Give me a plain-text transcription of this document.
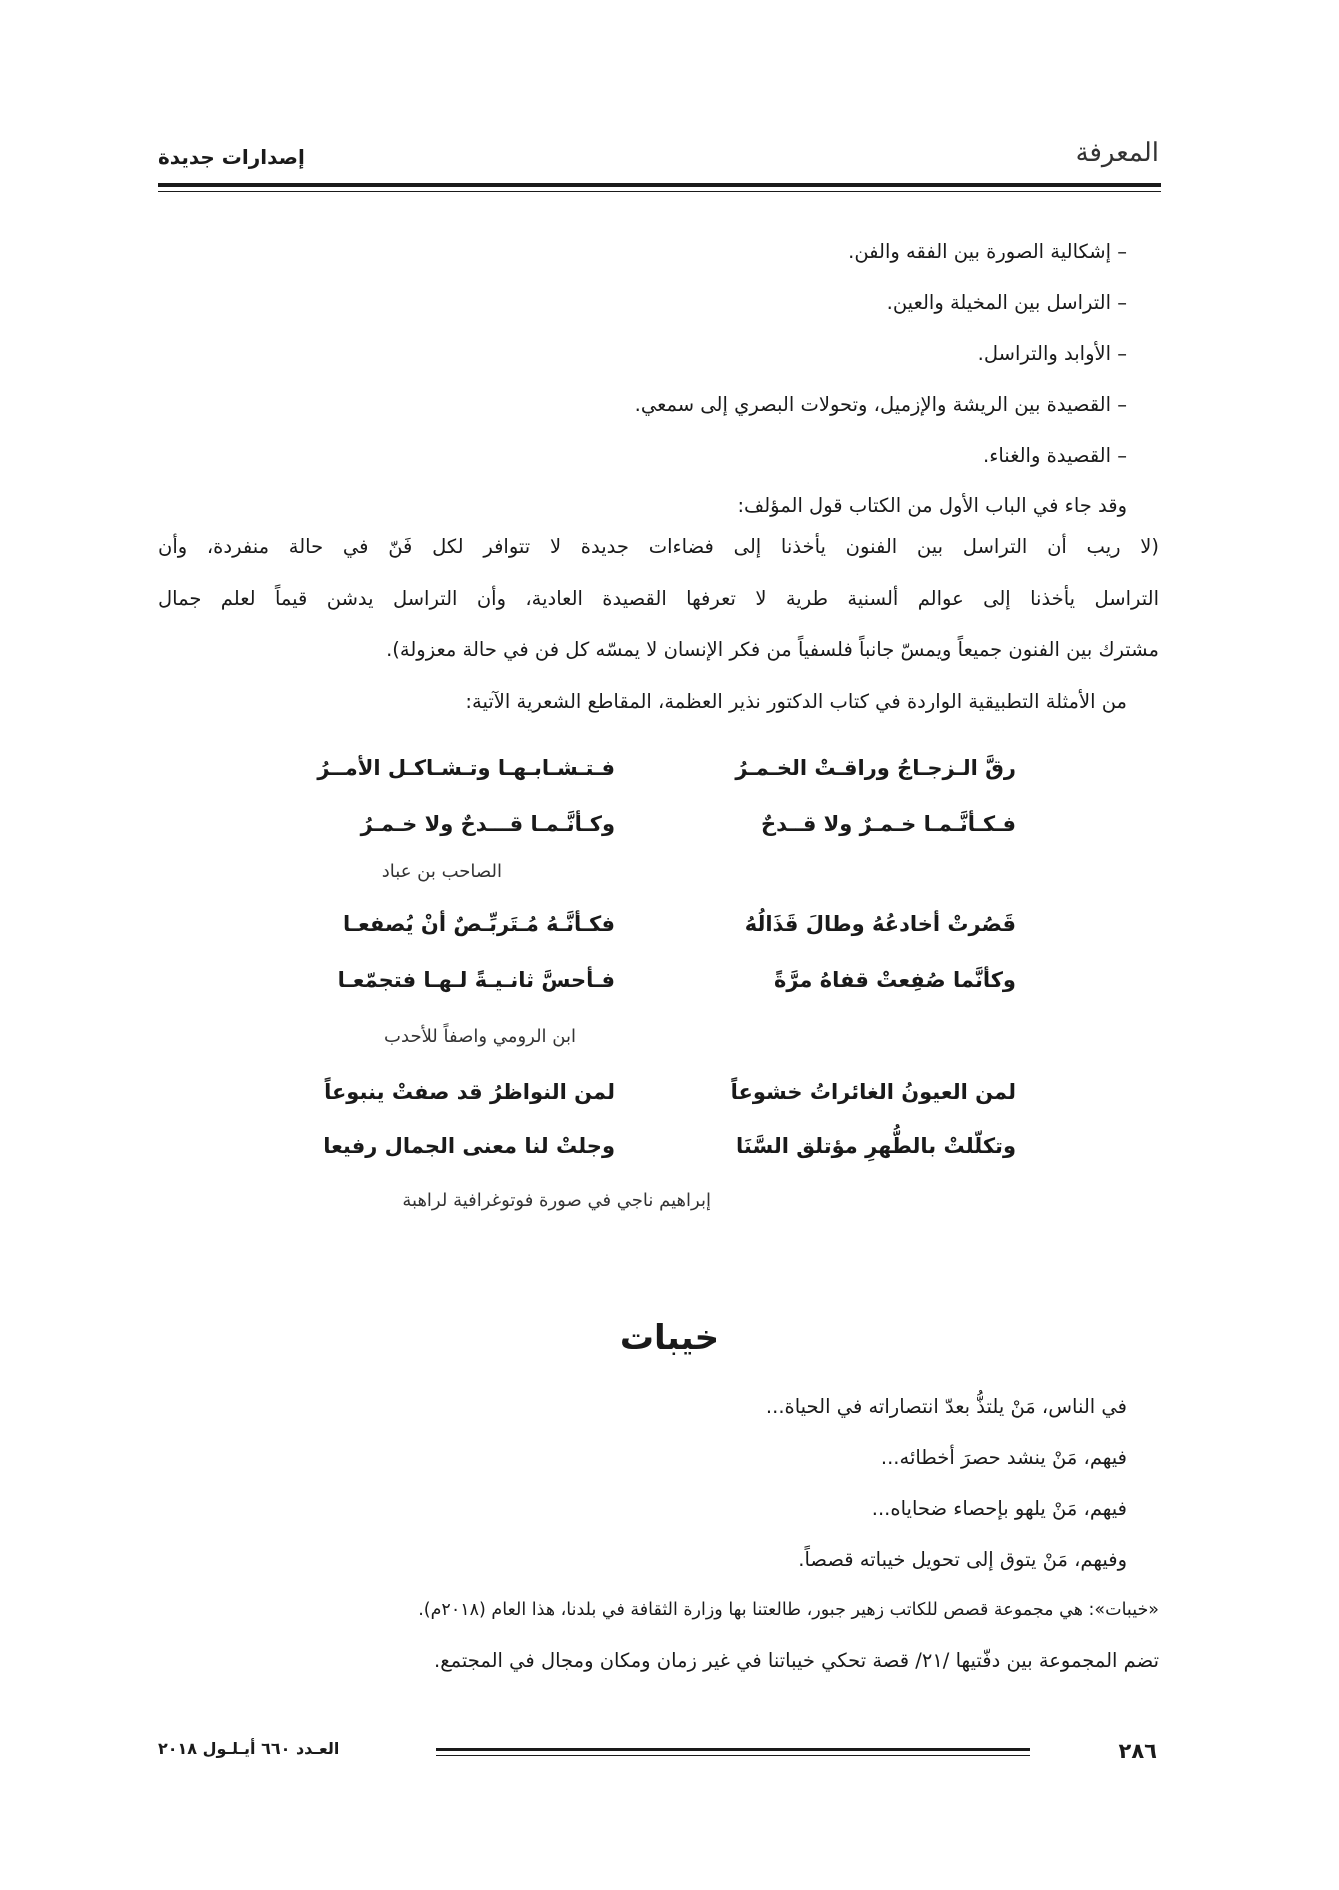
المعرفة
إصدارات جديدة
– إشكالية الصورة بين الفقه والفن.
– التراسل بين المخيلة والعين.
– الأوابد والتراسل.
– القصيدة بين الريشة والإزميل، وتحولات البصري إلى سمعي.
– القصيدة والغناء.
وقد جاء في الباب الأول من الكتاب قول المؤلف:
(لا ريب أن التراسل بين الفنون يأخذنا إلى فضاءات جديدة لا تتوافر لكل فَنّ في حالة منفردة، وأن
التراسل يأخذنا إلى عوالم ألسنية طرية لا تعرفها القصيدة العادية، وأن التراسل يدشن قيماً لعلم جمال
مشترك بين الفنون جميعاً ويمسّ جانباً فلسفياً من فكر الإنسان لا يمسّه كل فن في حالة معزولة).
من الأمثلة التطبيقية الواردة في كتاب الدكتور نذير العظمة، المقاطع الشعرية الآتية:
رقَّ الـزجـاجُ وراقـتْ الخـمـرُ
فـتـشـابـهـا وتـشـاكـل الأمــرُ
فـكـأنَّـمـا خـمـرٌ ولا قــدحٌ
وكـأنَّـمـا قـــدحٌ ولا خـمـرُ
الصاحب بن عباد
قَصُرتْ أخادعُهُ وطالَ قَذَالُهُ
فكـأنَّـهُ مُـتَربِّـصٌ أنْ يُصفعـا
وكأنَّما صُفِعتْ قفاهُ مرَّةً
فـأحسَّ ثانـيـةً لـهـا فتجمّعـا
ابن الرومي واصفاً للأحدب
لمن العيونُ الغائراتُ خشوعاً
لمن النواظرُ قد صفتْ ينبوعاً
وتكلّلتْ بالطُّهرِ مؤتلق السَّنَا
وجلتْ لنا معنى الجمال رفيعا
إبراهيم ناجي في صورة فوتوغرافية لراهبة
خيبات
في الناس، مَنْ يلتذُّ بعدّ انتصاراته في الحياة...
فيهم، مَنْ ينشد حصرَ أخطائه...
فيهم، مَنْ يلهو بإحصاء ضحاياه...
وفيهم، مَنْ يتوق إلى تحويل خيباته قصصاً.
«خيبات»: هي مجموعة قصص للكاتب زهير جبور، طالعتنا بها وزارة الثقافة في بلدنا، هذا العام (٢٠١٨م).
تضم المجموعة بين دفّتيها /٢١/ قصة تحكي خيباتنا في غير زمان ومكان ومجال في المجتمع.
٢٨٦
العـدد ٦٦٠ أيـلـول ٢٠١٨
